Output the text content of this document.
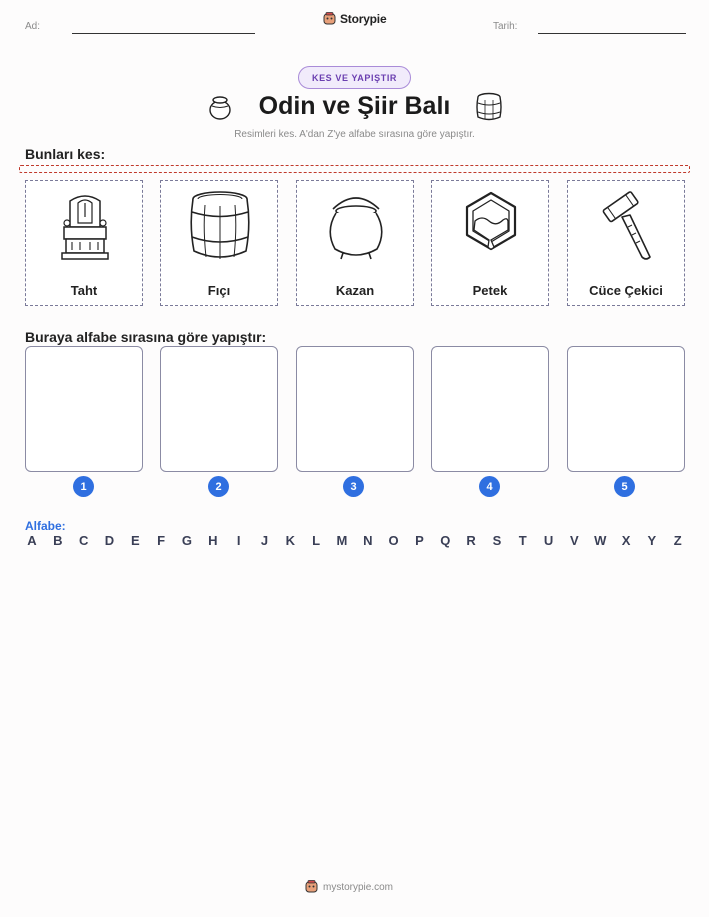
Ad:
Storypie
Tarih:
KES VE YAPIŞTIR
Odin ve Şiir Balı
Resimleri kes. A'dan Z'ye alfabe sırasına göre yapıştır.
Bunları kes:
Taht	Fıçı	Kazan	Petek	Cüce Çekici
Buraya alfabe sırasına göre yapıştır:
1	2	3	4	5
Alfabe:
A B C D E F G H	I	J K L M N O P Q R S T U V W X Y Z
mystorypie.com
